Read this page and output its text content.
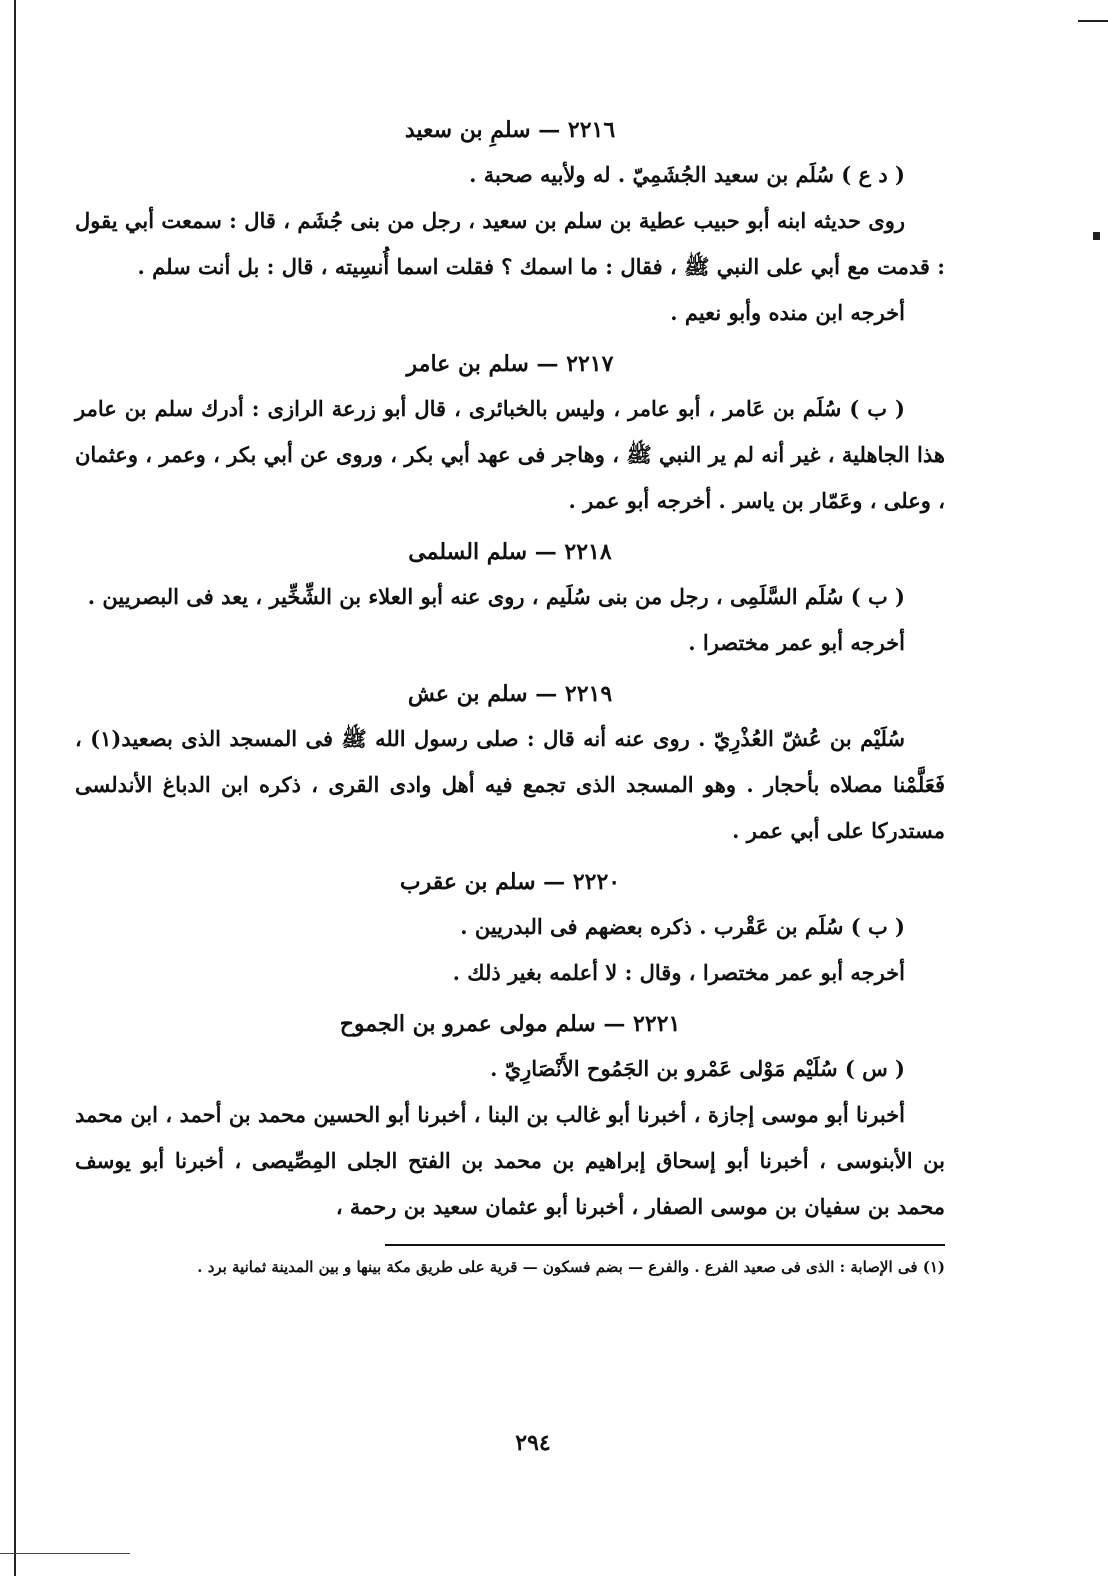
٢٢١٦ — سلمِ بن سعيد

( د ع ) سُلَم بن سعيد الجُشَمِيّ . له ولأبيه صحبة .

روى حديثه ابنه أبو حبيب عطية بن سلم بن سعيد ، رجل من بنى جُشَم ، قال : سمعت أبي يقول : قدمت مع أبي على النبي ﷺ ، فقال : ما اسمك ؟ فقلت اسما أُنسِيته ، قال : بل أنت سلم .

أخرجه ابن منده وأبو نعيم .

٢٢١٧ — سلم بن عامر

( ب ) سُلَم بن عَامر ، أبو عامر ، وليس بالخبائرى ، قال أبو زرعة الرازى : أدرك سلم بن عامر هذا الجاهلية ، غير أنه لم ير النبي ﷺ ، وهاجر فى عهد أبي بكر ، وروى عن أبي بكر ، وعمر ، وعثمان ، وعلى ، وعَمّار بن ياسر . أخرجه أبو عمر .

٢٢١٨ — سلم السلمى

( ب ) سُلَم السَّلَمِى ، رجل من بنى سُلَيم ، روى عنه أبو العلاء بن الشِّخِّير ، يعد فى البصريين .

أخرجه أبو عمر مختصرا .

٢٢١٩ — سلم بن عش

سُلَيْم بن عُشّ العُذْرِيّ . روى عنه أنه قال : صلى رسول الله ﷺ فى المسجد الذى بصعيد(١) ، فَعَلَّمْنا مصلاه بأحجار . وهو المسجد الذى تجمع فيه أهل وادى القرى ، ذكره ابن الدباغ الأندلسى مستدركا على أبي عمر .

٢٢٢٠ — سلم بن عقرب

( ب ) سُلَم بن عَقْرب . ذكره بعضهم فى البدريين .

أخرجه أبو عمر مختصرا ، وقال : لا أعلمه بغير ذلك .

٢٢٢١ — سلم مولى عمرو بن الجموح

( س ) سُلَيْم مَوْلى عَمْرو بن الجَمُوح الأَنْصَارِيّ .

أخبرنا أبو موسى إجازة ، أخبرنا أبو غالب بن البنا ، أخبرنا أبو الحسين محمد بن أحمد ، ابن محمد بن الأبنوسى ، أخبرنا أبو إسحاق إبراهيم بن محمد بن الفتح الجلى المِصِّيصى ، أخبرنا أبو يوسف محمد بن سفيان بن موسى الصفار ، أخبرنا أبو عثمان سعيد بن رحمة ،

(١) فى الإصابة : الذى فى صعيد الفرع . والفرع — بضم فسكون — قرية على طريق مكة بينها و بين المدينة ثمانية برد .
٢٩٤
